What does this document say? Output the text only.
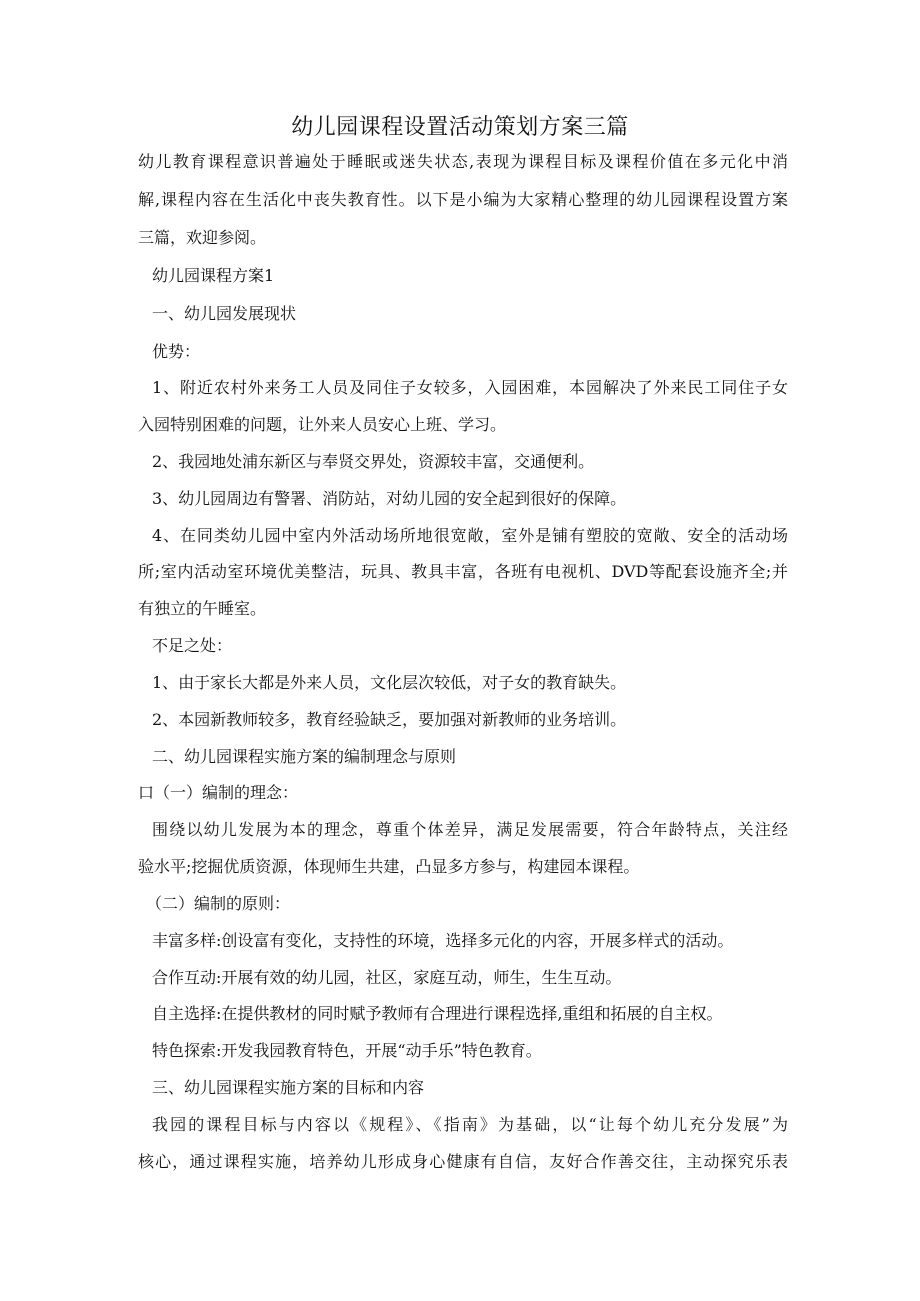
幼儿园课程设置活动策划方案三篇
幼儿教育课程意识普遍处于睡眠或迷失状态,表现为课程目标及课程价值在多元化中消
解,课程内容在生活化中丧失教育性。以下是小编为大家精心整理的幼儿园课程设置方案
三篇，欢迎参阅。
幼儿园课程方案1
一、幼儿园发展现状
优势：
1、附近农村外来务工人员及同住子女较多，入园困难，本园解决了外来民工同住子女
入园特别困难的问题，让外来人员安心上班、学习。
2、我园地处浦东新区与奉贤交界处，资源较丰富，交通便利。
3、幼儿园周边有警署、消防站，对幼儿园的安全起到很好的保障。
4、在同类幼儿园中室内外活动场所地很宽敞，室外是铺有塑胶的宽敞、安全的活动场
所;室内活动室环境优美整洁，玩具、教具丰富，各班有电视机、DVD等配套设施齐全;并
有独立的午睡室。
不足之处：
1、由于家长大都是外来人员，文化层次较低，对子女的教育缺失。
2、本园新教师较多，教育经验缺乏，要加强对新教师的业务培训。
二、幼儿园课程实施方案的编制理念与原则
口（一）编制的理念：
围绕以幼儿发展为本的理念，尊重个体差异，满足发展需要，符合年龄特点，关注经
验水平;挖掘优质资源，体现师生共建，凸显多方参与，构建园本课程。
（二）编制的原则：
丰富多样:创设富有变化，支持性的环境，选择多元化的内容，开展多样式的活动。
合作互动:开展有效的幼儿园，社区，家庭互动，师生，生生互动。
自主选择:在提供教材的同时赋予教师有合理进行课程选择,重组和拓展的自主权。
特色探索:开发我园教育特色，开展“动手乐”特色教育。
三、幼儿园课程实施方案的目标和内容
我园的课程目标与内容以《规程》、《指南》为基础，以“让每个幼儿充分发展”为
核心，通过课程实施，培养幼儿形成身心健康有自信，友好合作善交往，主动探究乐表
